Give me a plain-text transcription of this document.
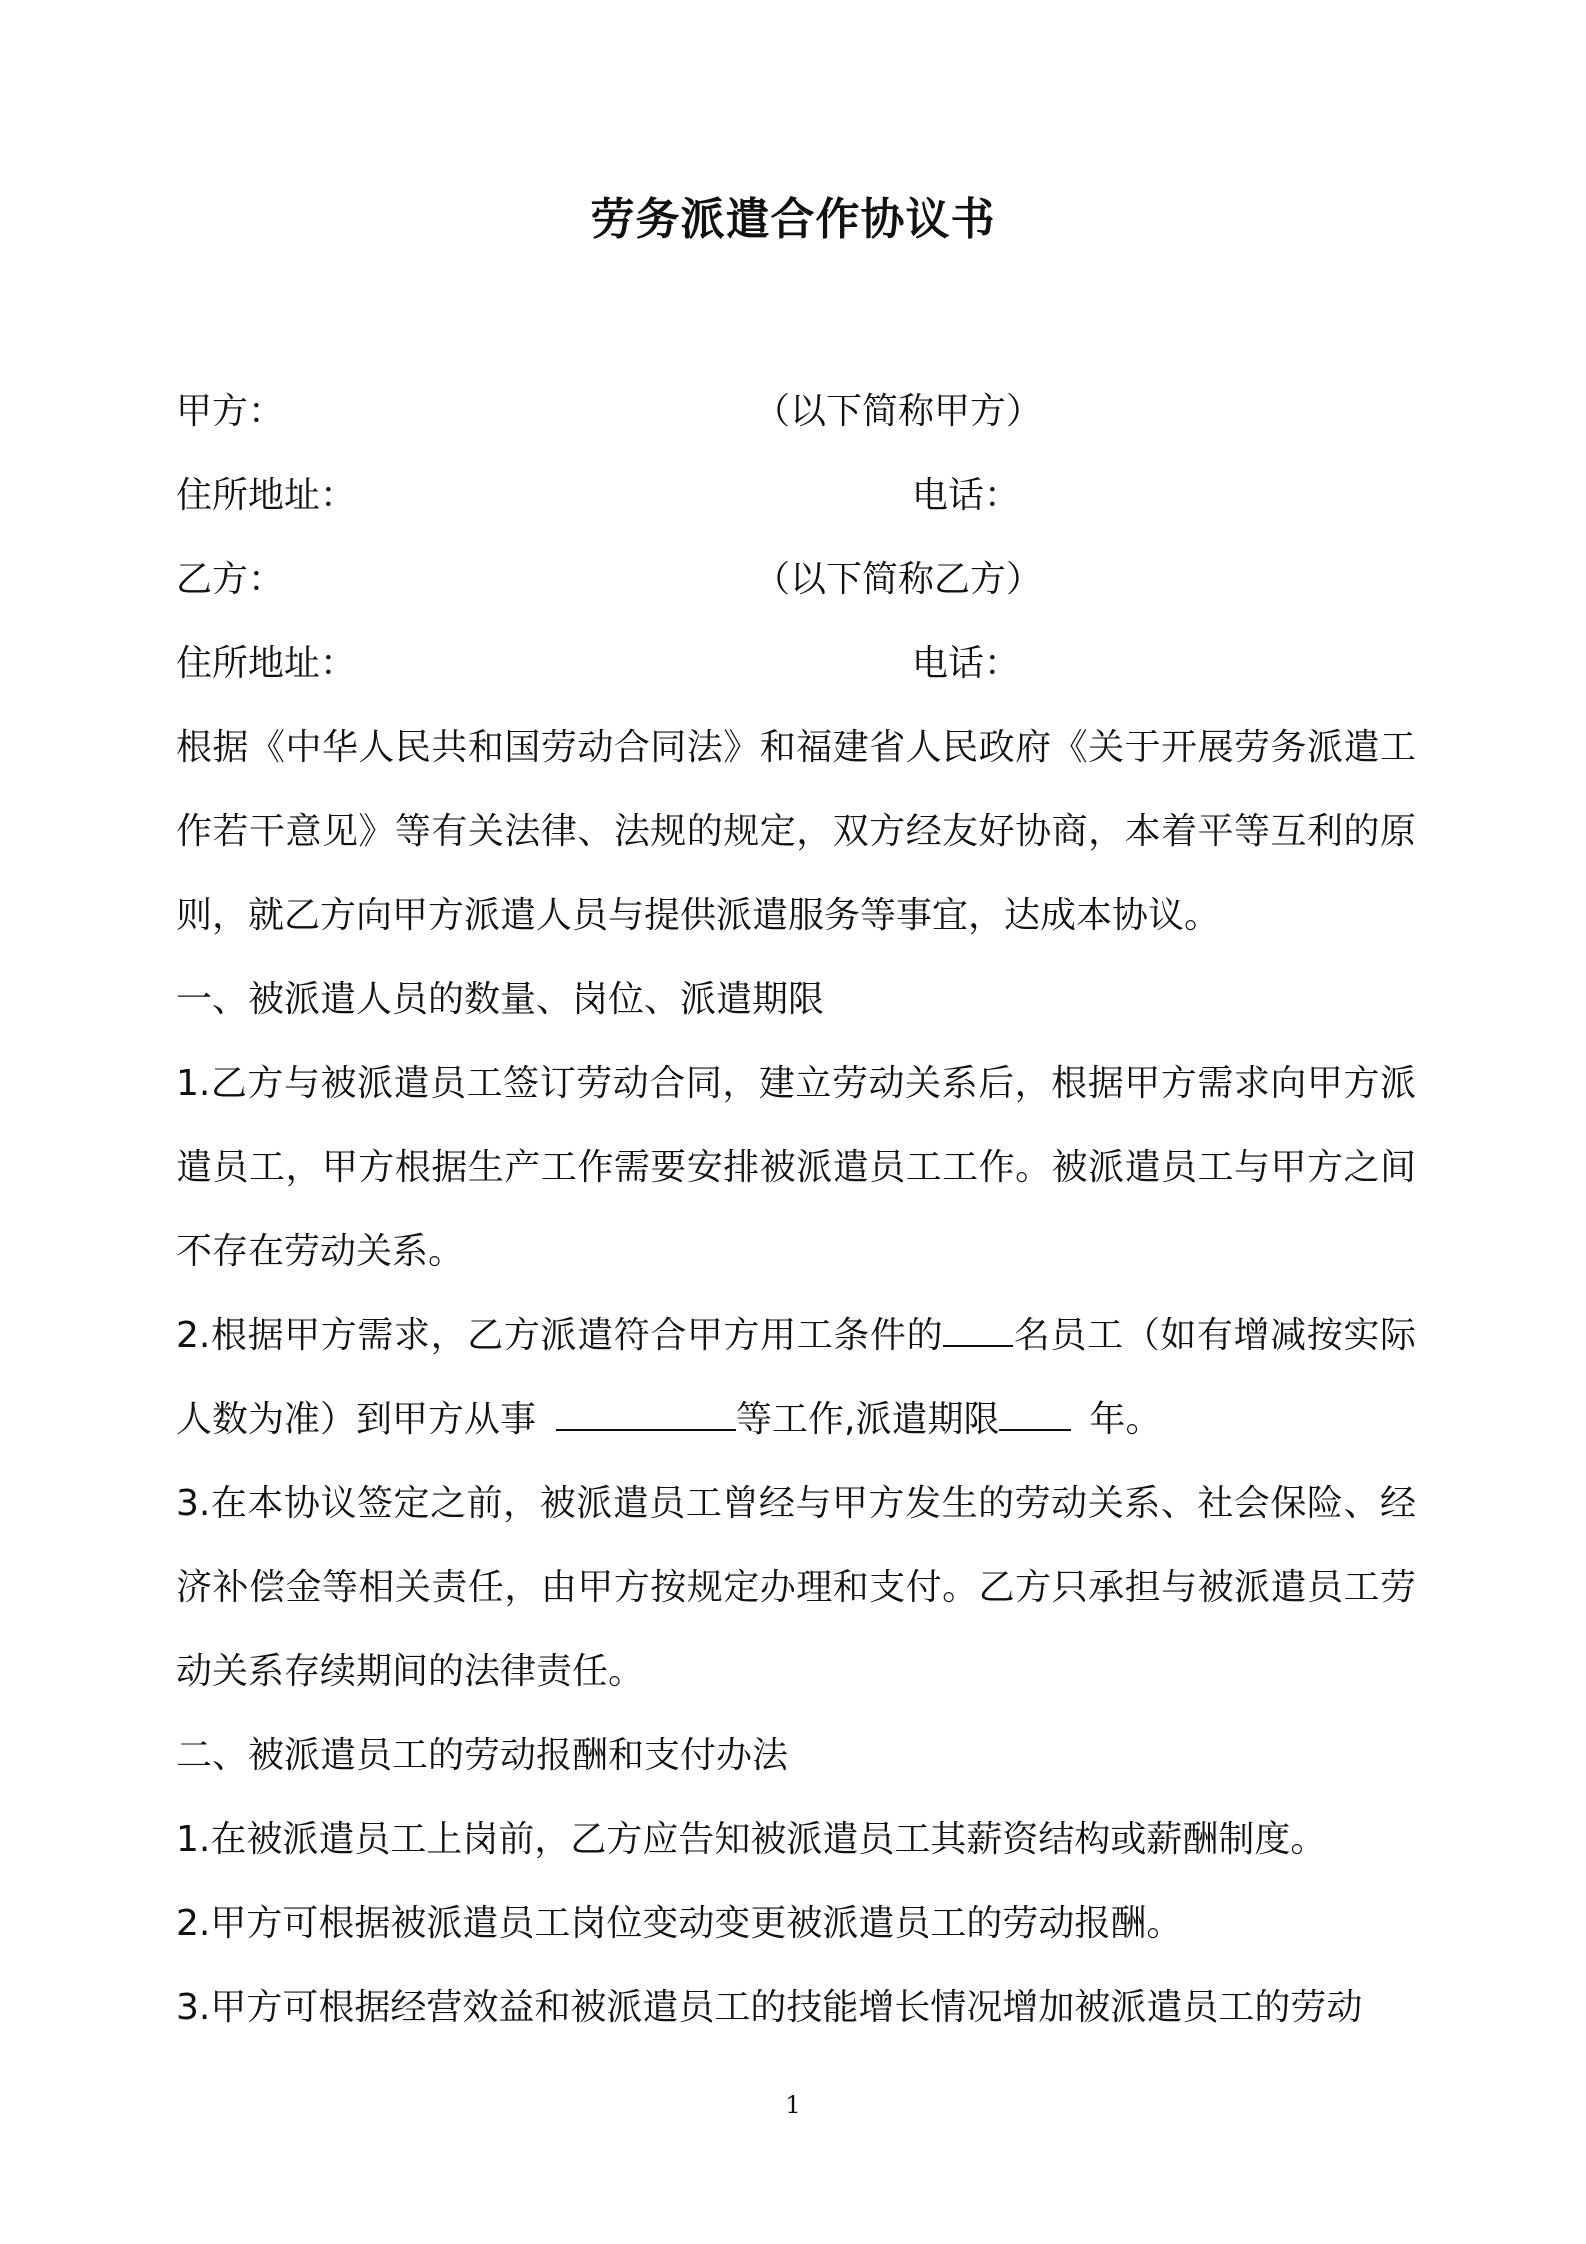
劳务派遣合作协议书
甲方：	（以下简称甲方）
住所地址：	电话：
乙方：	（以下简称乙方）
住所地址：	电话：

根据《中华人民共和国劳动合同法》和福建省人民政府《关于开展劳务派遣工作若干意见》等有关法律、法规的规定，双方经友好协商，本着平等互利的原则，就乙方向甲方派遣人员与提供派遣服务等事宜，达成本协议。

一、被派遣人员的数量、岗位、派遣期限

1.乙方与被派遣员工签订劳动合同，建立劳动关系后，根据甲方需求向甲方派遣员工，甲方根据生产工作需要安排被派遣员工工作。被派遣员工与甲方之间不存在劳动关系。

2.根据甲方需求，乙方派遣符合甲方用工条件的 名员工（如有增减按实际人数为准）到甲方从事	等工作,派遣期限	年。

3.在本协议签定之前，被派遣员工曾经与甲方发生的劳动关系、社会保险、经济补偿金等相关责任，由甲方按规定办理和支付。乙方只承担与被派遣员工劳动关系存续期间的法律责任。

二、被派遣员工的劳动报酬和支付办法

1.在被派遣员工上岗前，乙方应告知被派遣员工其薪资结构或薪酬制度。

2.甲方可根据被派遣员工岗位变动变更被派遣员工的劳动报酬。

3.甲方可根据经营效益和被派遣员工的技能增长情况增加被派遣员工的劳动

1
